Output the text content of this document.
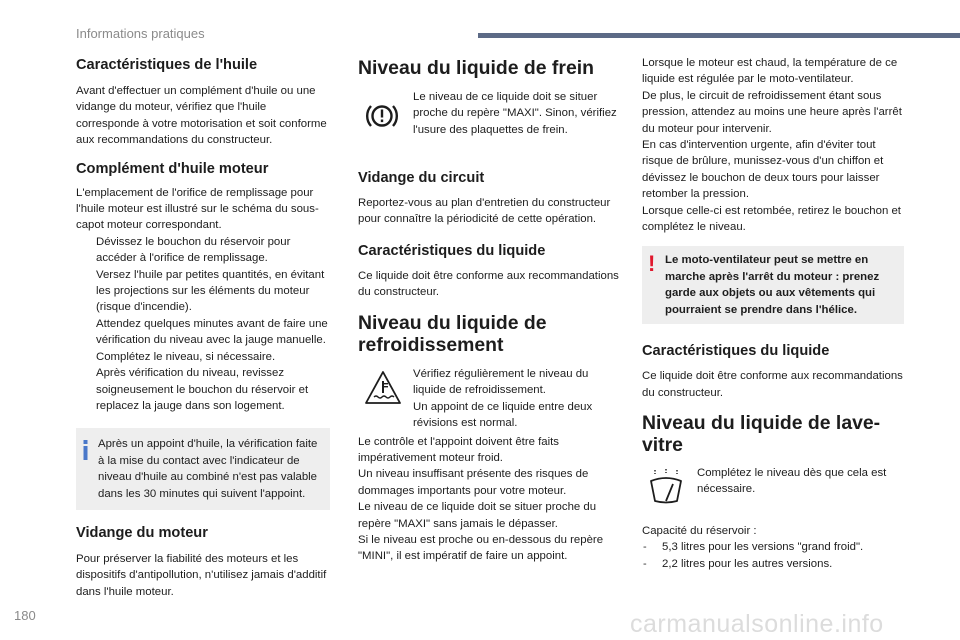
Informations pratiques
Caractéristiques de l'huile

Avant d'effectuer un complément d'huile ou une vidange du moteur, vérifiez que l'huile corresponde à votre motorisation et soit conforme aux recommandations du constructeur.

Complément d'huile moteur

L'emplacement de l'orifice de remplissage pour l'huile moteur est illustré sur le schéma du sous-capot moteur correspondant.

Dévissez le bouchon du réservoir pour accéder à l'orifice de remplissage.
Versez l'huile par petites quantités, en évitant les projections sur les éléments du moteur (risque d'incendie).
Attendez quelques minutes avant de faire une vérification du niveau avec la jauge manuelle.
Complétez le niveau, si nécessaire.
Après vérification du niveau, revissez soigneusement le bouchon du réservoir et replacez la jauge dans son logement.

Après un appoint d'huile, la vérification faite à la mise du contact avec l'indicateur de niveau d'huile au combiné n'est pas valable dans les 30 minutes qui suivent l'appoint.

Vidange du moteur

Pour préserver la fiabilité des moteurs et les dispositifs d'antipollution, n'utilisez jamais d'additif dans l'huile moteur.

Niveau du liquide de frein

Le niveau de ce liquide doit se situer proche du repère "MAXI". Sinon, vérifiez l'usure des plaquettes de frein.

Vidange du circuit

Reportez-vous au plan d'entretien du constructeur pour connaître la périodicité de cette opération.

Caractéristiques du liquide

Ce liquide doit être conforme aux recommandations du constructeur.

Niveau du liquide de
refroidissement

Vérifiez régulièrement le niveau du liquide de refroidissement.

Un appoint de ce liquide entre deux révisions est normal.

Le contrôle et l'appoint doivent être faits impérativement moteur froid.

Un niveau insuffisant présente des risques de dommages importants pour votre moteur.

Le niveau de ce liquide doit se situer proche du repère "MAXI" sans jamais le dépasser.

Si le niveau est proche ou en-dessous du repère "MINI", il est impératif de faire un appoint.

Lorsque le moteur est chaud, la température de ce liquide est régulée par le moto-ventilateur.

De plus, le circuit de refroidissement étant sous pression, attendez au moins une heure après l'arrêt du moteur pour intervenir.

En cas d'intervention urgente, afin d'éviter tout risque de brûlure, munissez-vous d'un chiffon et dévissez le bouchon de deux tours pour laisser retomber la pression.

Lorsque celle-ci est retombée, retirez le bouchon et complétez le niveau.

! Le moto-ventilateur peut se mettre en marche après l'arrêt du moteur : prenez garde aux objets ou aux vêtements qui pourraient se prendre dans l'hélice.

Caractéristiques du liquide

Ce liquide doit être conforme aux recommandations du constructeur.

Niveau du liquide de lave-
vitre

Complétez le niveau dès que cela est nécessaire.

Capacité du réservoir :

- 5,3 litres pour les versions "grand froid".
- 2,2 litres pour les autres versions.
180	carmanualsonline.info
